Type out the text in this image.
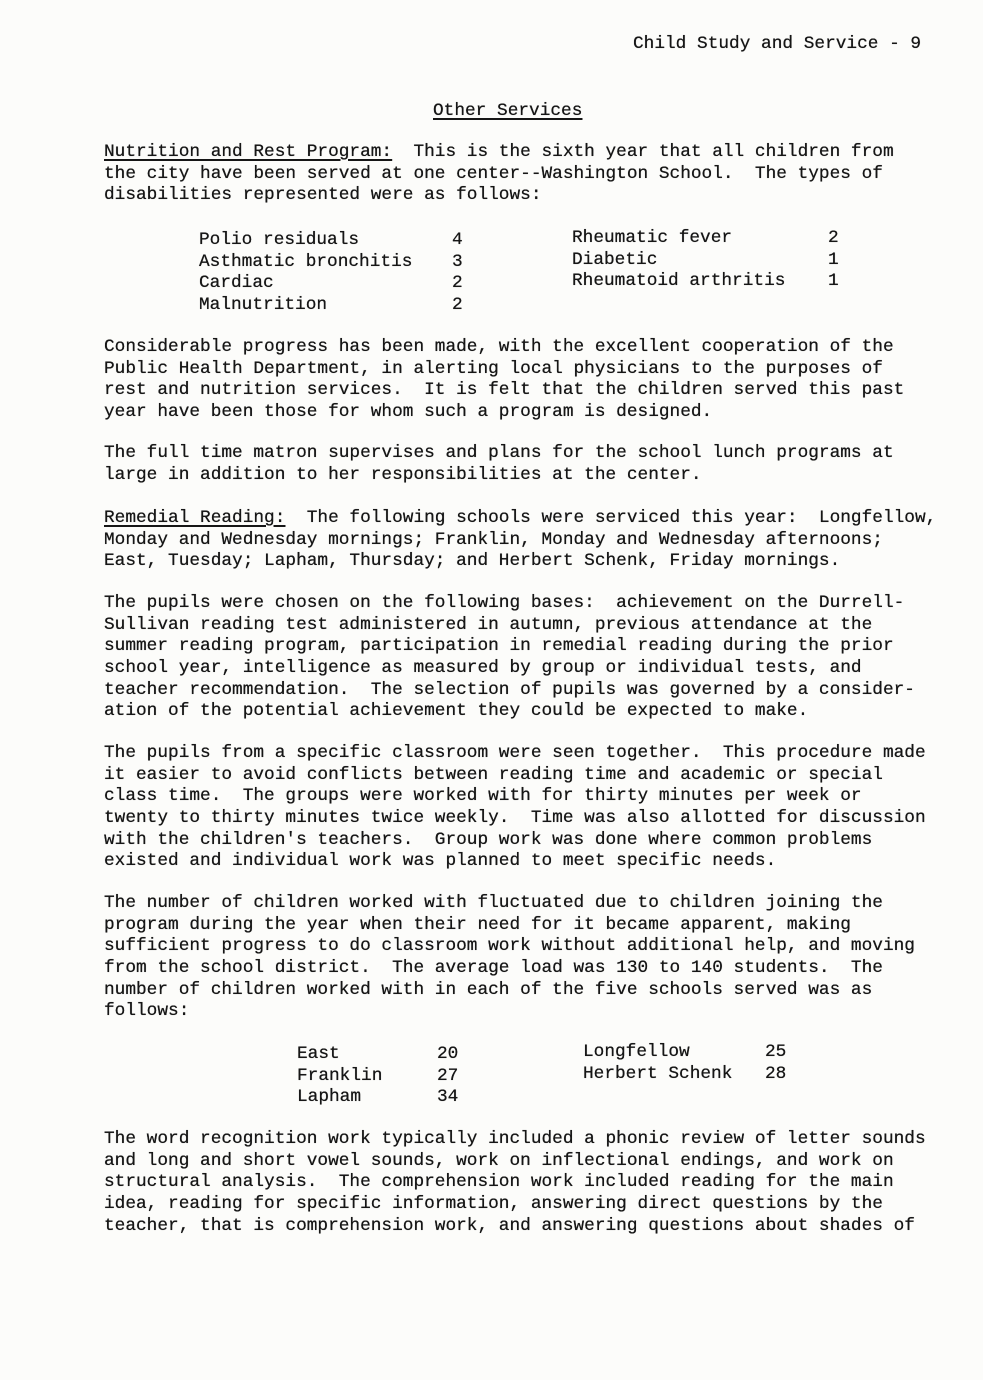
Child Study and Service - 9
Other Services
Nutrition and Rest Program: This is the sixth year that all children from
the city have been served at one center--Washington School.  The types of
disabilities represented were as follows:
Polio residuals	4
Asthmatic bronchitis 3
Cardiac	2
Malnutrition	2
Rheumatic fever	2
Diabetic	1
Rheumatoid arthritis 1
Considerable progress has been made, with the excellent cooperation of the
Public Health Department, in alerting local physicians to the purposes of
rest and nutrition services.  It is felt that the children served this past
year have been those for whom such a program is designed.
The full time matron supervises and plans for the school lunch programs at
large in addition to her responsibilities at the center.
Remedial Reading: The following schools were serviced this year:  Longfellow,
Monday and Wednesday mornings; Franklin, Monday and Wednesday afternoons;
East, Tuesday; Lapham, Thursday; and Herbert Schenk, Friday mornings.
The pupils were chosen on the following bases:  achievement on the Durrell-
Sullivan reading test administered in autumn, previous attendance at the
summer reading program, participation in remedial reading during the prior
school year, intelligence as measured by group or individual tests, and
teacher recommendation.  The selection of pupils was governed by a consider-
ation of the potential achievement they could be expected to make.
The pupils from a specific classroom were seen together.  This procedure made
it easier to avoid conflicts between reading time and academic or special
class time.  The groups were worked with for thirty minutes per week or
twenty to thirty minutes twice weekly.  Time was also allotted for discussion
with the children's teachers.  Group work was done where common problems
existed and individual work was planned to meet specific needs.
The number of children worked with fluctuated due to children joining the
program during the year when their need for it became apparent, making
sufficient progress to do classroom work without additional help, and moving
from the school district.  The average load was 130 to 140 students.  The
number of children worked with in each of the five schools served was as
follows:
East	20
Franklin	27
Lapham	34
Longfellow	25
Herbert Schenk 28
The word recognition work typically included a phonic review of letter sounds
and long and short vowel sounds, work on inflectional endings, and work on
structural analysis.  The comprehension work included reading for the main
idea, reading for specific information, answering direct questions by the
teacher, that is comprehension work, and answering questions about shades of
